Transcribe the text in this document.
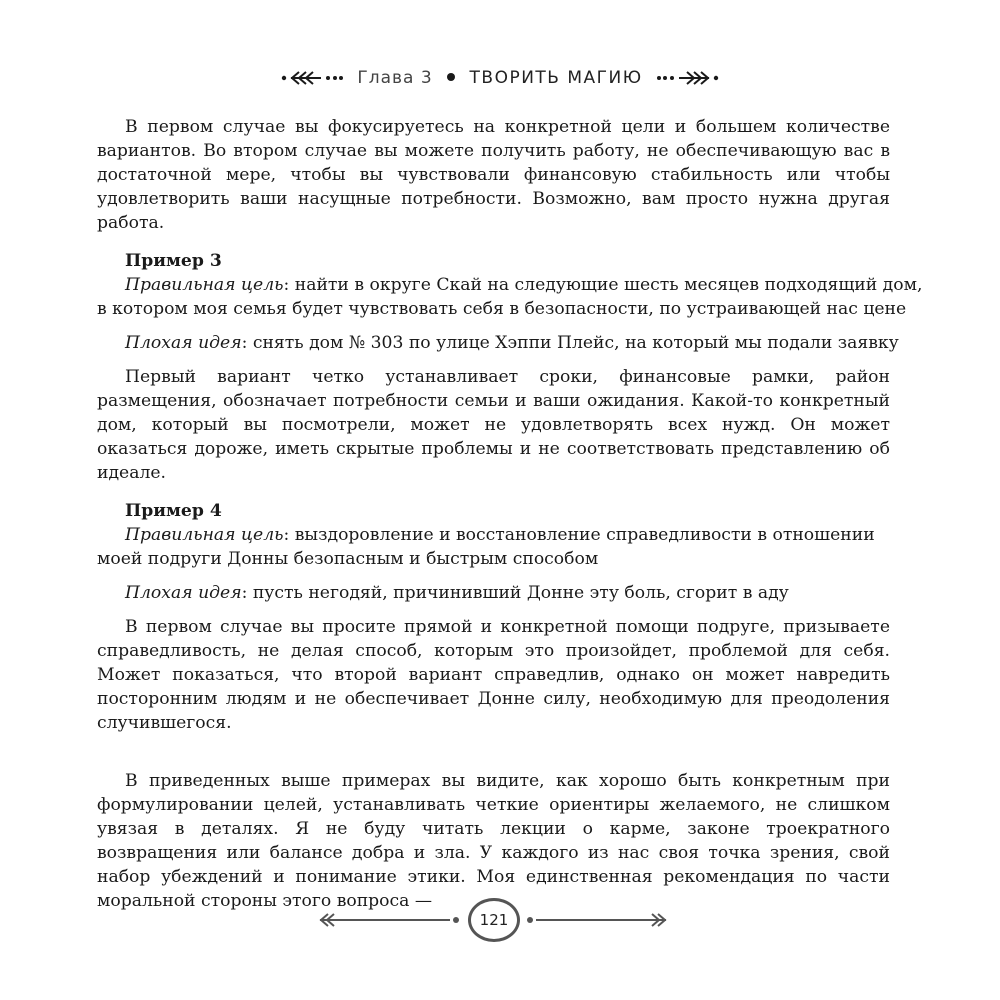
Глава 3 ТВОРИТЬ МАГИЮ

В первом случае вы фокусируетесь на конкретной цели и большем количестве вариантов. Во втором случае вы можете получить работу, не обеспечивающую вас в достаточной мере, чтобы вы чувствовали финансовую стабильность или чтобы удовлетворить ваши насущные потребности. Возможно, вам просто нужна другая работа.

Пример 3

Правильная цель: найти в округе Скай на следующие шесть месяцев подходящий дом,

в котором моя семья будет чувствовать себя в безопасности, по устраивающей нас цене

Плохая идея: снять дом № 303 по улице Хэппи Плейс, на который мы подали заявку

Первый вариант четко устанавливает сроки, финансовые рамки, район размещения, обозначает потребности семьи и ваши ожидания. Какой-то конкретный дом, который вы посмотрели, может не удовлетворять всех нужд. Он может оказаться дороже, иметь скрытые проблемы и не соответствовать представлению об идеале.

Пример 4

Правильная цель: выздоровление и восстановление справедливости в отношении

моей подруги Донны безопасным и быстрым способом

Плохая идея: пусть негодяй, причинивший Донне эту боль, сгорит в аду

В первом случае вы просите прямой и конкретной помощи подруге, призываете справедливость, не делая способ, которым это произойдет, проблемой для себя. Может показаться, что второй вариант справедлив, однако он может навредить посторонним людям и не обеспечивает Донне силу, необходимую для преодоления случившегося.

В приведенных выше примерах вы видите, как хорошо быть конкретным при формулировании целей, устанавливать четкие ориентиры желаемого, не слишком увязая в деталях. Я не буду читать лекции о карме, законе троекратного возвращения или балансе добра и зла. У каждого из нас своя точка зрения, свой набор убеждений и понимание этики. Моя единственная рекомендация по части моральной стороны этого вопроса —

121
